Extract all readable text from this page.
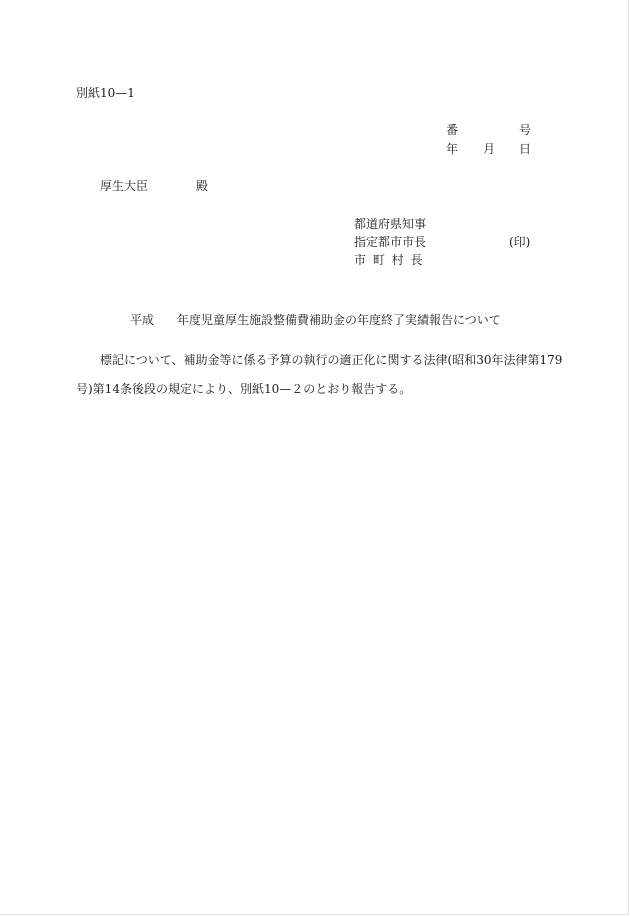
別紙10—1
番	号
年 月 日
厚生大臣	殿
都道府県知事
指定都市市長	(印)
市 町 村 長
平成 年度児童厚生施設整備費補助金の年度終了実績報告について
標記について、補助金等に係る予算の執行の適正化に関する法律(昭和30年法律第179
号)第14条後段の規定により、別紙10—２のとおり報告する。
